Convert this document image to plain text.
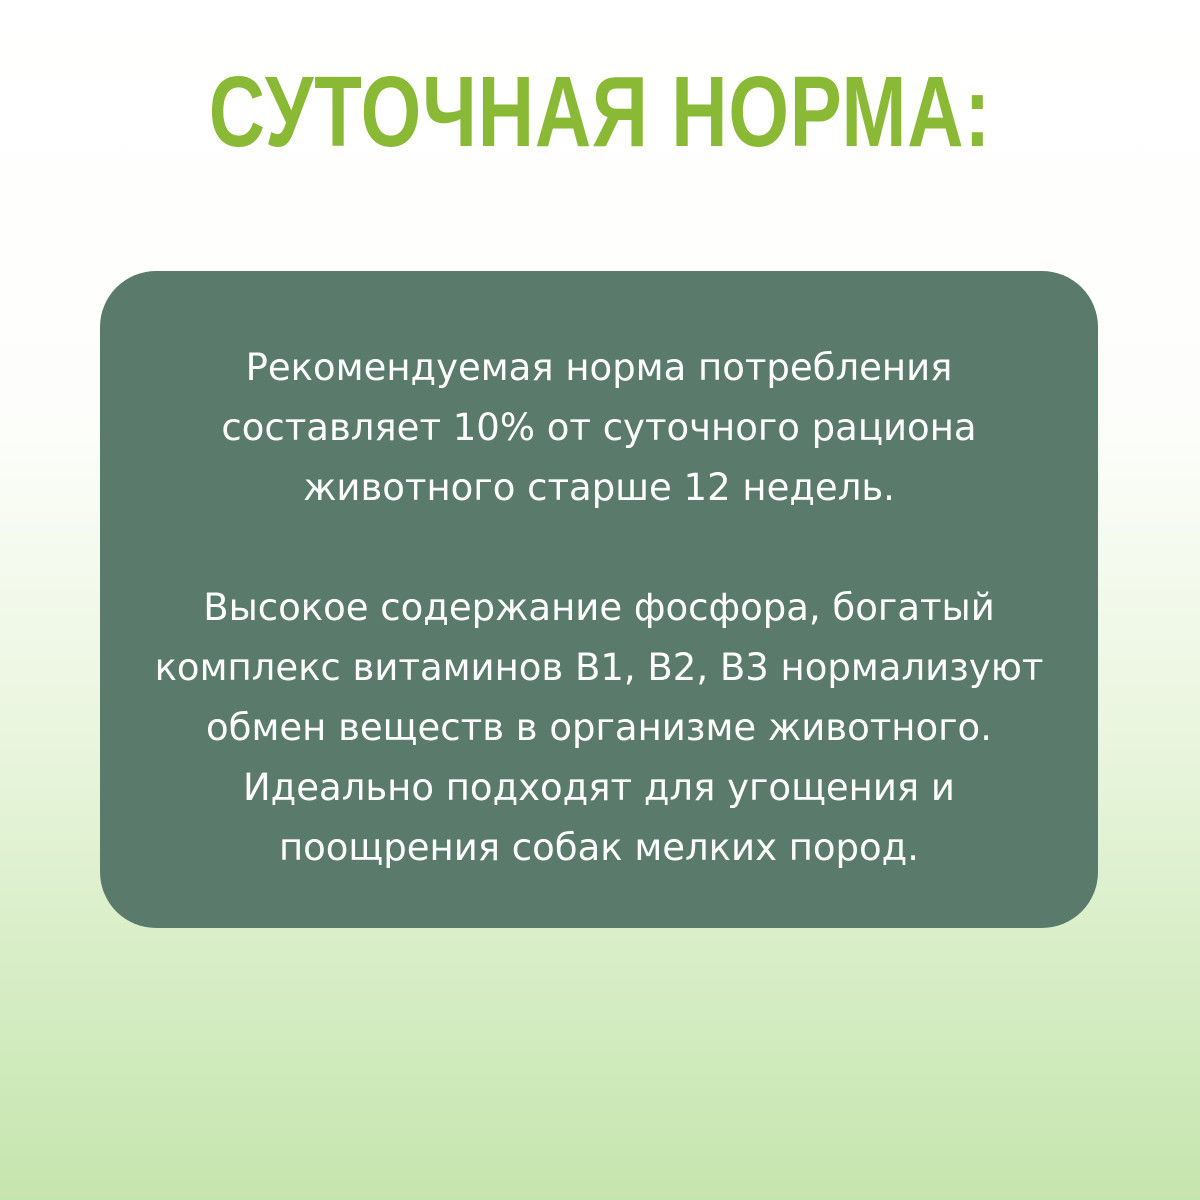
СУТОЧНАЯ НОРМА:

Рекомендуемая норма потребления
составляет 10% от суточного рациона
животного старше 12 недель.

Высокое содержание фосфора, богатый
комплекс витаминов В1, В2, В3 нормализуют
обмен веществ в организме животного.
Идеально подходят для угощения и
поощрения собак мелких пород.
